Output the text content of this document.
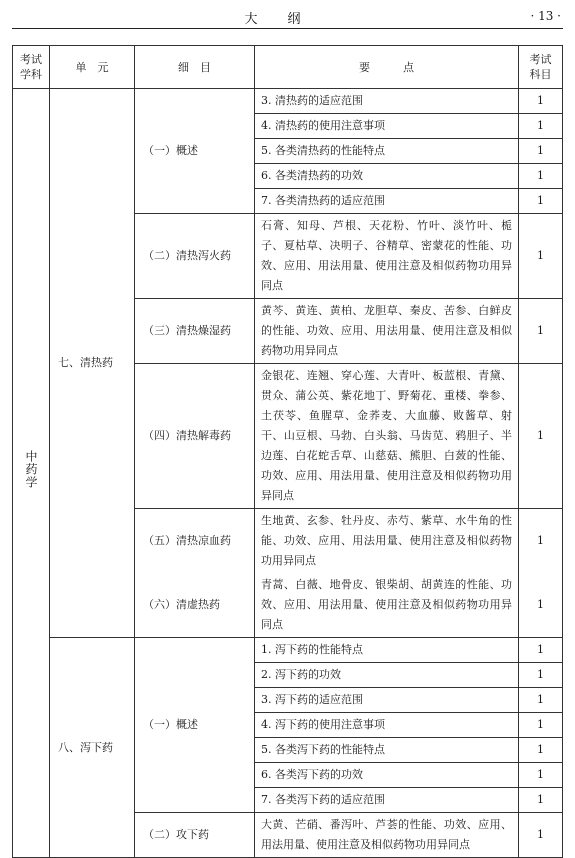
大纲	· 13 ·
考试
学科	单　元	细　目	要　　　点	考试
科目
中药学	七、清热药	（一）概述	3. 清热药的适应范围	1

			4. 清热药的使用注意事项	1

			5. 各类清热药的性能特点	1

			6. 各类清热药的功效	1

			7. 各类清热药的适应范围	1

		（二）清热泻火药	石膏、知母、芦根、天花粉、竹叶、淡竹叶、栀子、夏枯草、决明子、谷精草、密蒙花的性能、功效、应用、用法用量、使用注意及相似药物功用异同点	1

		（三）清热燥湿药	黄芩、黄连、黄柏、龙胆草、秦皮、苦参、白鲜皮的性能、功效、应用、用法用量、使用注意及相似药物功用异同点	1

		（四）清热解毒药	金银花、连翘、穿心莲、大青叶、板蓝根、青黛、贯众、蒲公英、紫花地丁、野菊花、重楼、拳参、土茯苓、鱼腥草、金荞麦、大血藤、败酱草、射干、山豆根、马勃、白头翁、马齿苋、鸦胆子、半边莲、白花蛇舌草、山慈菇、熊胆、白蔹的性能、功效、应用、用法用量、使用注意及相似药物功用异同点	1

		（五）清热凉血药	生地黄、玄参、牡丹皮、赤芍、紫草、水牛角的性能、功效、应用、用法用量、使用注意及相似药物功用异同点	1

		（六）清虚热药	青蒿、白薇、地骨皮、银柴胡、胡黄连的性能、功效、应用、用法用量、使用注意及相似药物功用异同点	1

	八、泻下药	（一）概述	1. 泻下药的性能特点	1

			2. 泻下药的功效	1

			3. 泻下药的适应范围	1

			4. 泻下药的使用注意事项	1

			5. 各类泻下药的性能特点	1

			6. 各类泻下药的功效	1

			7. 各类泻下药的适应范围	1

		（二）攻下药	大黄、芒硝、番泻叶、芦荟的性能、功效、应用、用法用量、使用注意及相似药物功用异同点	1
